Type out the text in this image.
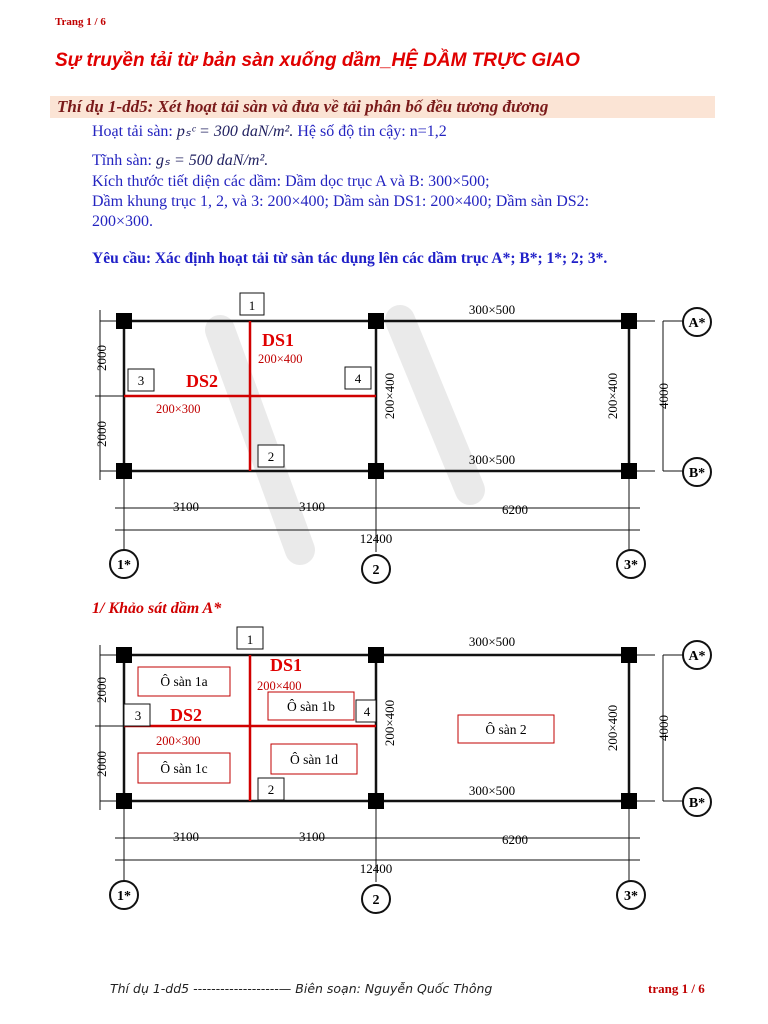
Trang 1 / 6
Sự truyền tải từ bản sàn xuống dầm_HỆ DẦM TRỰC GIAO
Thí dụ 1-dd5: Xét hoạt tải sàn và đưa về tải phân bố đều tương đương
Hoạt tải sàn: pₛᶜ = 300 daN/m². Hệ số độ tin cậy: n=1,2
Tĩnh sàn: gₛ = 500 daN/m².
Kích thước tiết diện các dầm: Dầm dọc trục A và B: 300×500;
Dầm khung trục 1, 2, và 3: 200×400; Dầm sàn DS1: 200×400; Dầm sàn DS2:
200×300.
Yêu cầu: Xác định hoạt tải từ sàn tác dụng lên các dầm trục A*; B*; 1*; 2; 3*.
1
3	4
2
DS1
200×400
DS2
200×300
300×500
300×500
200×400	200×400
2000
2000
4000
3100	3100	6200
12400
A*
B*
1*	2	3*
1/ Khảo sát dầm A*
1
3	4
2
Ô sàn 1a
Ô sàn 1b
Ô sàn 1c
Ô sàn 1d
Ô sàn 2
DS1
200×400
DS2
200×300
300×500
300×500
200×400	200×400
2000
2000
4000
3100	3100	6200
12400
A*
B*
1*	2	3*
Thí dụ 1-dd5 -------------------— Biên soạn: Nguyễn Quốc Thông	trang 1 / 6
